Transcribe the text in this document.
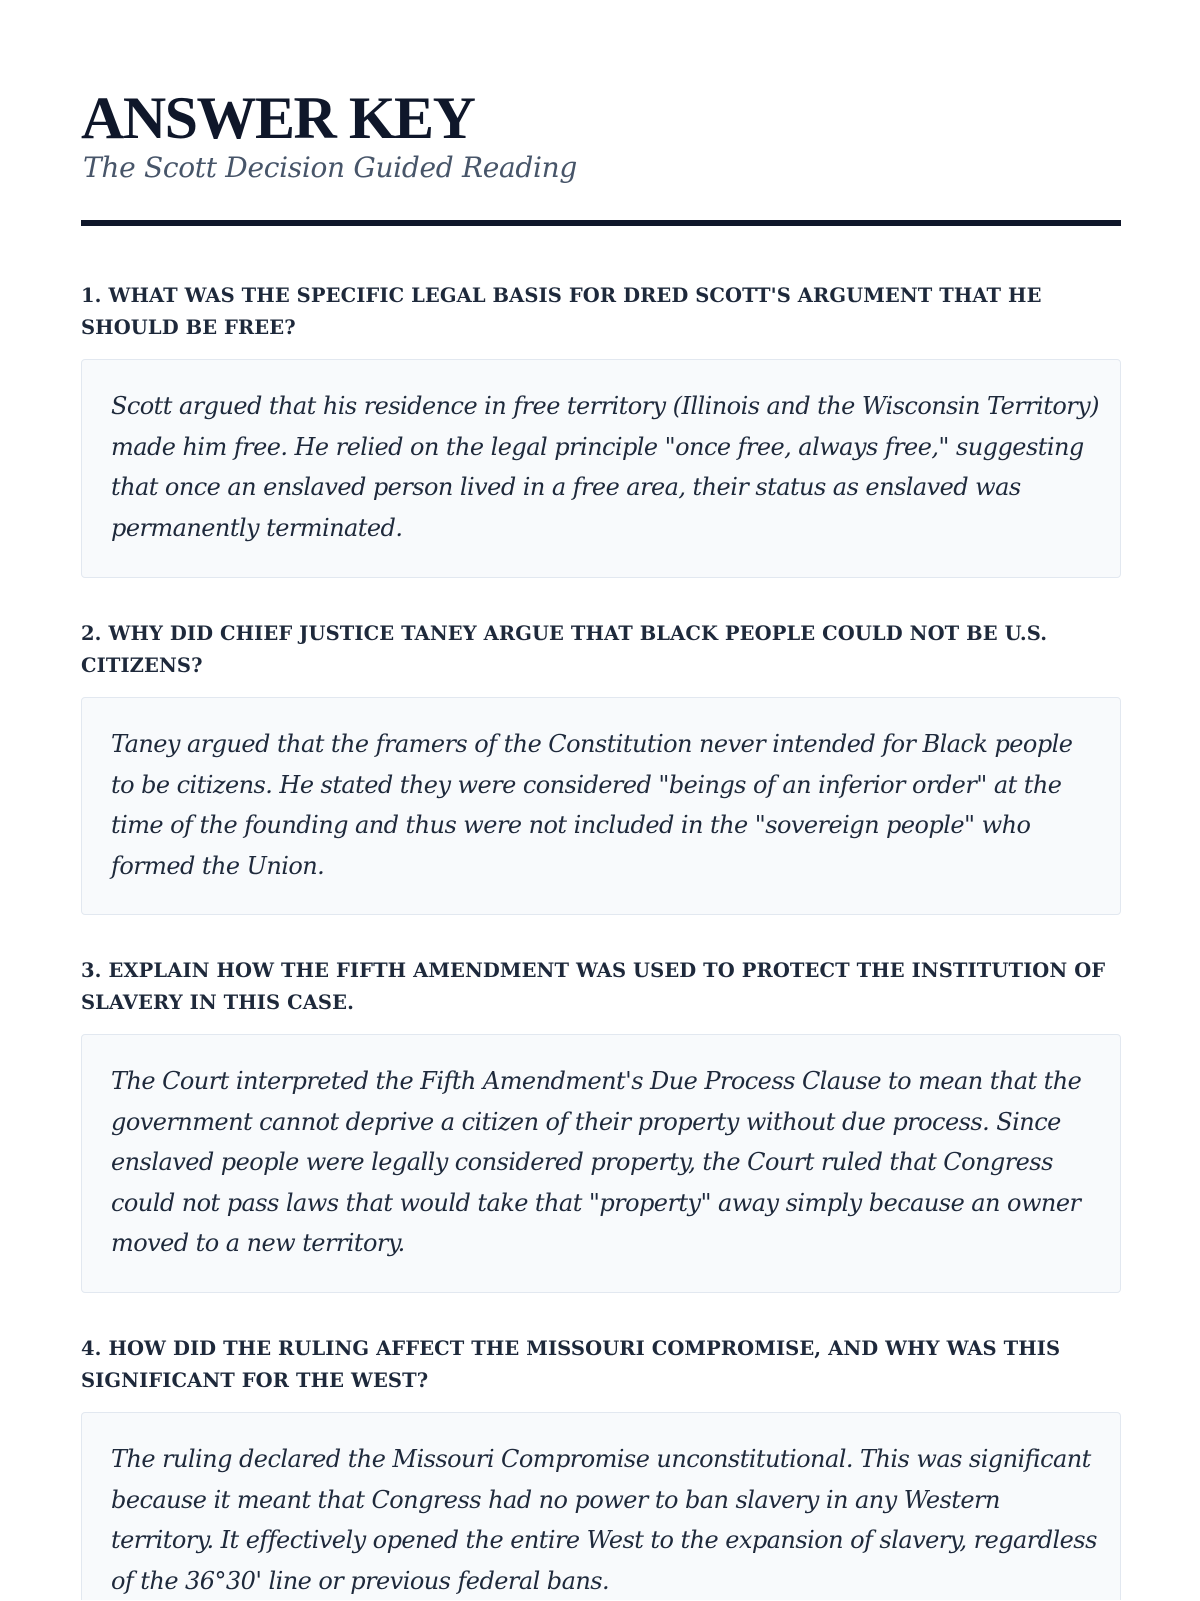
ANSWER KEY

The Scott Decision Guided Reading

1. WHAT WAS THE SPECIFIC LEGAL BASIS FOR DRED SCOTT'S ARGUMENT THAT HE SHOULD BE FREE?

Scott argued that his residence in free territory (Illinois and the Wisconsin Territory) made him free. He relied on the legal principle "once free, always free," suggesting that once an enslaved person lived in a free area, their status as enslaved was permanently terminated.

2. WHY DID CHIEF JUSTICE TANEY ARGUE THAT BLACK PEOPLE COULD NOT BE U.S. CITIZENS?

Taney argued that the framers of the Constitution never intended for Black people to be citizens. He stated they were considered "beings of an inferior order" at the time of the founding and thus were not included in the "sovereign people" who formed the Union.

3. EXPLAIN HOW THE FIFTH AMENDMENT WAS USED TO PROTECT THE INSTITUTION OF SLAVERY IN THIS CASE.

The Court interpreted the Fifth Amendment's Due Process Clause to mean that the government cannot deprive a citizen of their property without due process. Since enslaved people were legally considered property, the Court ruled that Congress could not pass laws that would take that "property" away simply because an owner moved to a new territory.

4. HOW DID THE RULING AFFECT THE MISSOURI COMPROMISE, AND WHY WAS THIS SIGNIFICANT FOR THE WEST?

The ruling declared the Missouri Compromise unconstitutional. This was significant because it meant that Congress had no power to ban slavery in any Western territory. It effectively opened the entire West to the expansion of slavery, regardless of the 36°30' line or previous federal bans.
